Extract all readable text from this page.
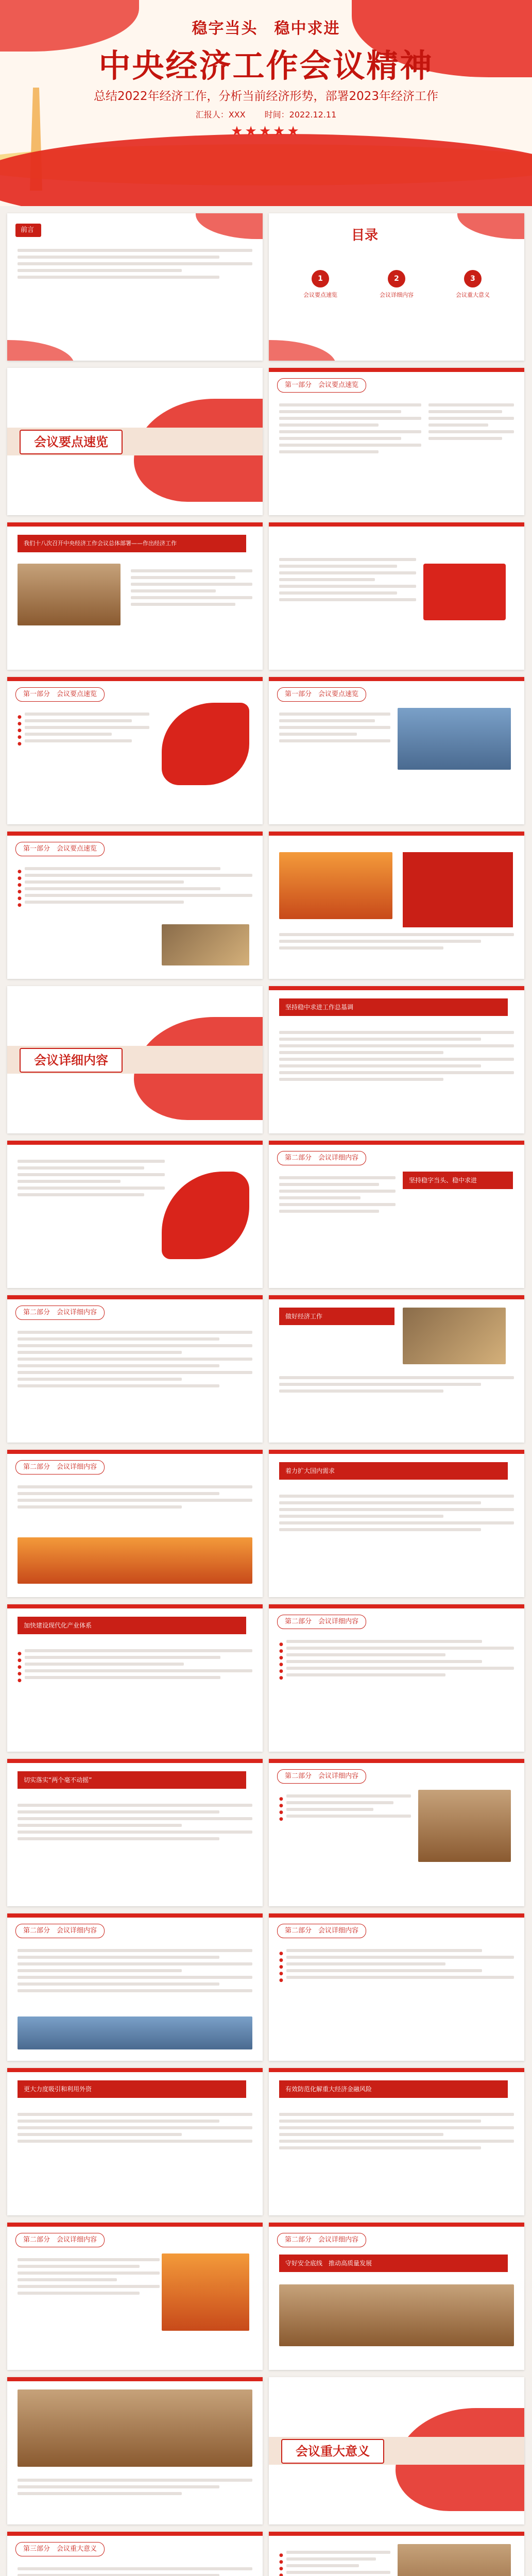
稳字当头　稳中求进
中央经济工作会议精神
总结2022年经济工作，分析当前经济形势，部署2023年经济工作
汇报人：XXX 时间：2022.12.11
★★★★★
前言	目录
1
会议要点速览
2
会议详细内容
3
会议重大意义
会议要点速览
第一部分　会议要点速览
我们十八次召开中央经济工作会议总体部署——作出经济工作
第一部分　会议要点速览
●
●
●
●
●	第一部分　会议要点速览
第一部分　会议要点速览
●
●
●
●
●
●
会议详细内容
坚持稳中求进工作总基调
第二部分　会议详细内容
坚持稳字当头、稳中求进
第二部分　会议详细内容	做好经济工作
第二部分　会议详细内容	着力扩大国内需求
加快建设现代化产业体系
●
●
●
●
●	第二部分　会议详细内容
●
●
●
●
●
●
切实落实“两个毫不动摇”	第二部分　会议详细内容
●
●
●
●
第二部分　会议详细内容	第二部分　会议详细内容
●
●
●
●
●
更大力度吸引和利用外资	有效防范化解重大经济金融风险
第二部分　会议详细内容	第二部分　会议详细内容
守好安全底线　推动高质量发展
会议重大意义
第三部分　会议重大意义
●
●
●
●
